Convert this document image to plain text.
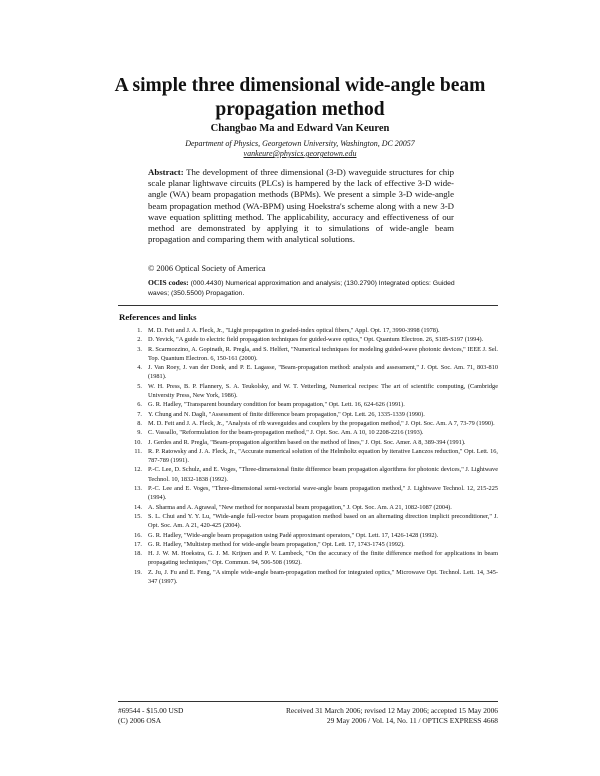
A simple three dimensional wide-angle beam propagation method
Changbao Ma and Edward Van Keuren
Department of Physics, Georgetown University, Washington, DC 20057
vankeure@physics.georgetown.edu

Abstract: The development of three dimensional (3-D) waveguide structures for chip scale planar lightwave circuits (PLCs) is hampered by the lack of effective 3-D wide-angle (WA) beam propagation methods (BPMs). We present a simple 3-D wide-angle beam propagation method (WA-BPM) using Hoekstra's scheme along with a new 3-D wave equation splitting method. The applicability, accuracy and effectiveness of our method are demonstrated by applying it to simulations of wide-angle beam propagation and comparing them with analytical solutions.

© 2006 Optical Society of America

OCIS codes: (000.4430) Numerical approximation and analysis; (130.2790) Integrated optics: Guided waves; (350.5500) Propagation.

References and links
1. M. D. Feit and J. A. Fleck, Jr., "Light propagation in graded-index optical fibers," Appl. Opt. 17, 3990-3998 (1978).
2. D. Yevick, "A guide to electric field propagation techniques for guided-wave optics," Opt. Quantum Electron. 26, S185-S197 (1994).
3. R. Scarmozzino, A. Gopinath, R. Pregla, and S. Helfert, "Numerical techniques for modeling guided-wave photonic devices," IEEE J. Sel. Top. Quantum Electron. 6, 150-161 (2000).
4. J. Van Roey, J. van der Donk, and P. E. Lagasse, "Beam-propagation method: analysis and assessment," J. Opt. Soc. Am. 71, 803-810 (1981).
5. W. H. Press, B. P. Flannery, S. A. Teukolsky, and W. T. Vetterling, Numerical recipes: The art of scientific computing, (Cambridge University Press, New York, 1986).
6. G. R. Hadley, "Transparent boundary condition for beam propagation," Opt. Lett. 16, 624-626 (1991).
7. Y. Chung and N. Dagli, "Assessment of finite difference beam propagation," Opt. Lett. 26, 1335-1339 (1990).
8. M. D. Feit and J. A. Fleck, Jr., "Analysis of rib waveguides and couplers by the propagation method," J. Opt. Soc. Am. A 7, 73-79 (1990).
9. C. Vassallo, "Reformulation for the beam-propagation method," J. Opt. Soc. Am. A 10, 10 2208-2216 (1993).
10. J. Gerdes and R. Pregla, "Beam-propagation algorithm based on the method of lines," J. Opt. Soc. Amer. A 8, 389-394 (1991).
11. R. P. Ratowsky and J. A. Fleck, Jr., "Accurate numerical solution of the Helmholtz equation by iterative Lanczos reduction," Opt. Lett. 16, 787-789 (1991).
12. P.-C. Lee, D. Schulz, and E. Voges, "Three-dimensional finite difference beam propagation algorithms for photonic devices," J. Lightwave Technol. 10, 1832-1838 (1992).
13. P.-C. Lee and E. Voges, "Three-dimensional semi-vectorial wave-angle beam propagation method," J. Lightwave Technol. 12, 215-225 (1994).
14. A. Sharma and A. Agrawal, "New method for nonparaxial beam propagation," J. Opt. Soc. Am. A 21, 1082-1087 (2004).
15. S. L. Chui and Y. Y. Lu, "Wide-angle full-vector beam propagation method based on an alternating direction implicit preconditioner," J. Opt. Soc. Am. A 21, 420-425 (2004).
16. G. R. Hadley, "Wide-angle beam propagation using Padé approximant operators," Opt. Lett. 17, 1426-1428 (1992).
17. G. R. Hadley, "Multistep method for wide-angle beam propagation," Opt. Lett. 17, 1743-1745 (1992).
18. H. J. W. M. Hoekstra, G. J. M. Krijnen and P. V. Lambeck, "On the accuracy of the finite difference method for applications in beam propagating techniques," Opt. Commun. 94, 506-508 (1992).
19. Z. Ju, J. Fu and E. Feng, "A simple wide-angle beam-propagation method for integrated optics," Microwave Opt. Technol. Lett. 14, 345-347 (1997).
#69544 - $15.00 USD
(C) 2006 OSA
Received 31 March 2006; revised 12 May 2006; accepted 15 May 2006
29 May 2006 / Vol. 14, No. 11 / OPTICS EXPRESS 4668
